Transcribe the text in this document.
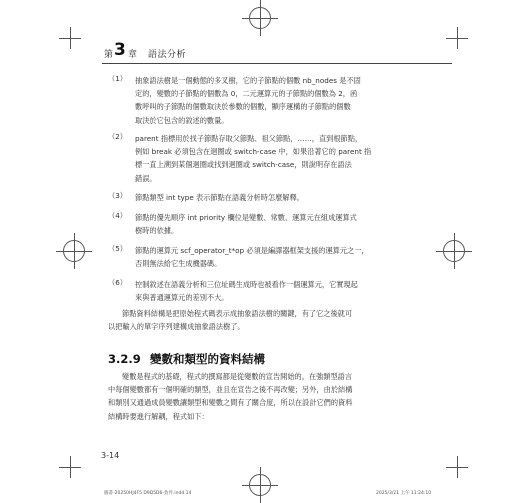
第 3 章 語法分析
（1） 抽象語法樹是一個動態的多叉樹，它的子節點的個數 nb_nodes 是不固
定的，變數的子節點的個數為 0，二元運算元的子節點的個數為 2，函
數呼叫的子節點的個數取決於參數的個數，顯序運構的子節點的個數
取決於它包含的敘述的數量。
（2） parent 指標用於找子節點存取父節點、祖父節點，……，直到根節點，
例如 break 必須包含在迴圈或 switch-case 中，如果沿著它的 parent 指
標一直上溯到某個迴圈或找到迴圈或 switch-case，則說明存在語法
錯誤。
（3） 節點類型 int type 表示節點在語義分析時怎麼解釋。
（4） 節點的優先順序 int priority 欄位是變數、常數、運算元在組成運算式
樹時的依據。
（5） 節點的運算元 scf_operator_t*op 必須是編譯器框架支援的運算元之一，
否則無法給它生成機器碼。
（6） 控制敘述在語義分析和三位址碼生成時也被看作一個運算元，它實現起
來與普通運算元的差別不大。
節點資料結構是把原始程式碼表示成抽象語法樹的關鍵，有了它之後就可
以把輸入的單字序列建構成抽象語法樹了。
3.2.9 變數和類型的資料結構
變數是程式的基礎，程式的撰寫都是從變數的宣告開始的。在強類型語言
中每個變數都有一個明確的類型，並且在宣告之後不再改變；另外，由於結構
和類別又通過成員變數讓類型和變數之間有了關合度，所以在設計它們的資料
結構時要進行解耦，程式如下：
3-14
圖書-20250HJ4F5 D9D5D6-負件.indd 14	2025/3/21 上午 11:24:10
